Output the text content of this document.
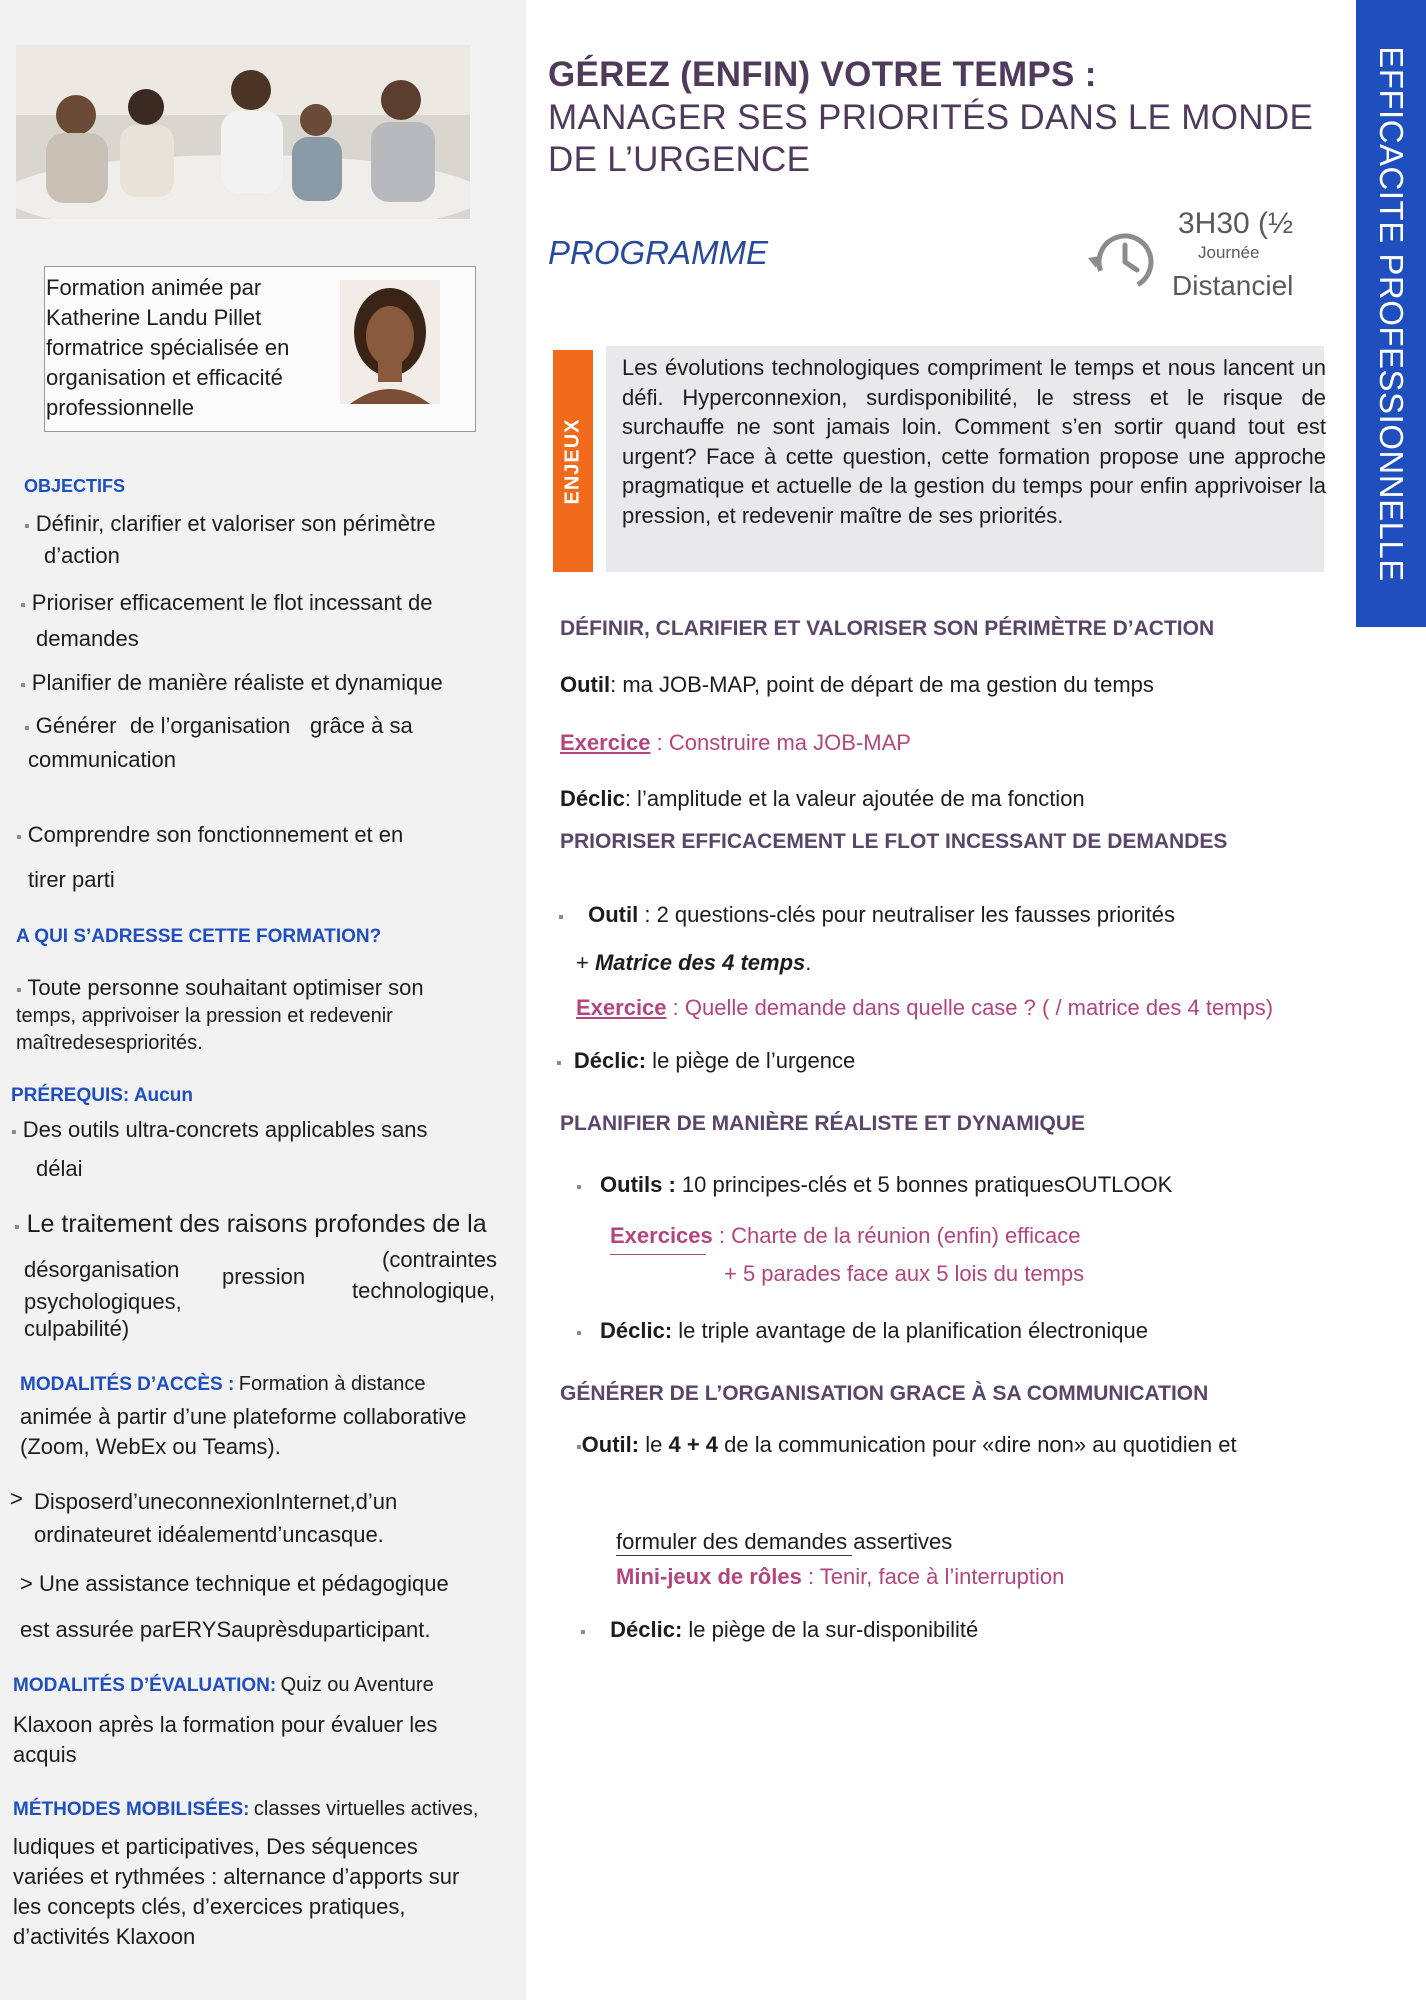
Formation animée par
Katherine Landu Pillet
formatrice spécialisée en
organisation et efficacité
professionnelle
OBJECTIFS
▪ Définir, clarifier et valoriser son périmètre
d’action
▪ Prioriser efficacement le flot incessant de
demandes
▪ Planifier de manière réaliste et dynamique
▪ Générer de l’organisation grâce à sa
communication
▪ Comprendre son fonctionnement et en
tirer parti
A QUI S’ADRESSE CETTE FORMATION?
▪ Toute personne souhaitant optimiser son
temps, apprivoiser la pression et redevenir
maîtredesespriorités.
PRÉREQUIS: Aucun
▪ Des outils ultra-concrets applicables sans
délai
▪ Le traitement des raisons profondes de la
désorganisation pression
(contraintes
psychologiques,	technologique,
culpabilité)
MODALITÉS D’ACCÈS : Formation à distance
animée à partir d’une plateforme collaborative
(Zoom, WebEx ou Teams).
> Disposerd’uneconnexionInternet,d’un
ordinateuret idéalementd’uncasque.
> Une assistance technique et pédagogique
est assurée parERYSauprèsduparticipant.
MODALITÉS D’ÉVALUATION: Quiz ou Aventure
Klaxoon après la formation pour évaluer les
acquis
MÉTHODES MOBILISÉES: classes virtuelles actives,
ludiques et participatives, Des séquences
variées et rythmées : alternance d’apports sur
les concepts clés, d’exercices pratiques,
d’activités Klaxoon
GÉREZ (ENFIN) VOTRE TEMPS :
MANAGER SES PRIORITÉS DANS LE MONDE
DE L’URGENCE
PROGRAMME
3H30 (½
Journée
Distanciel EFFICACITE PROFESSIONNELLE
ENJEUX
Les évolutions technologiques compriment le temps et nous lancent un défi. Hyperconnexion, surdisponibilité, le stress et le risque de surchauffe ne sont jamais loin. Comment s’en sortir quand tout est urgent? Face à cette question, cette formation propose une approche pragmatique et actuelle de la gestion du temps pour enfin apprivoiser la pression, et redevenir maître de ses priorités.
DÉFINIR, CLARIFIER ET VALORISER SON PÉRIMÈTRE D’ACTION
Outil: ma JOB-MAP, point de départ de ma gestion du temps
Exercice : Construire ma JOB-MAP
Déclic: l’amplitude et la valeur ajoutée de ma fonction
PRIORISER EFFICACEMENT LE FLOT INCESSANT DE DEMANDES
▪ Outil : 2 questions-clés pour neutraliser les fausses priorités
+ Matrice des 4 temps.
Exercice : Quelle demande dans quelle case ? ( / matrice des 4 temps)
▪ Déclic: le piège de l’urgence
PLANIFIER DE MANIÈRE RÉALISTE ET DYNAMIQUE
▪ Outils : 10 principes-clés et 5 bonnes pratiquesOUTLOOK
Exercices : Charte de la réunion (enfin) efficace
+ 5 parades face aux 5 lois du temps
▪ Déclic: le triple avantage de la planification électronique
GÉNÉRER DE L’ORGANISATION GRACE À SA COMMUNICATION
▪Outil: le 4 + 4 de la communication pour «dire non» au quotidien et
formuler des demandes assertives
Mini-jeux de rôles : Tenir, face à l’interruption
▪ Déclic: le piège de la sur-disponibilité
